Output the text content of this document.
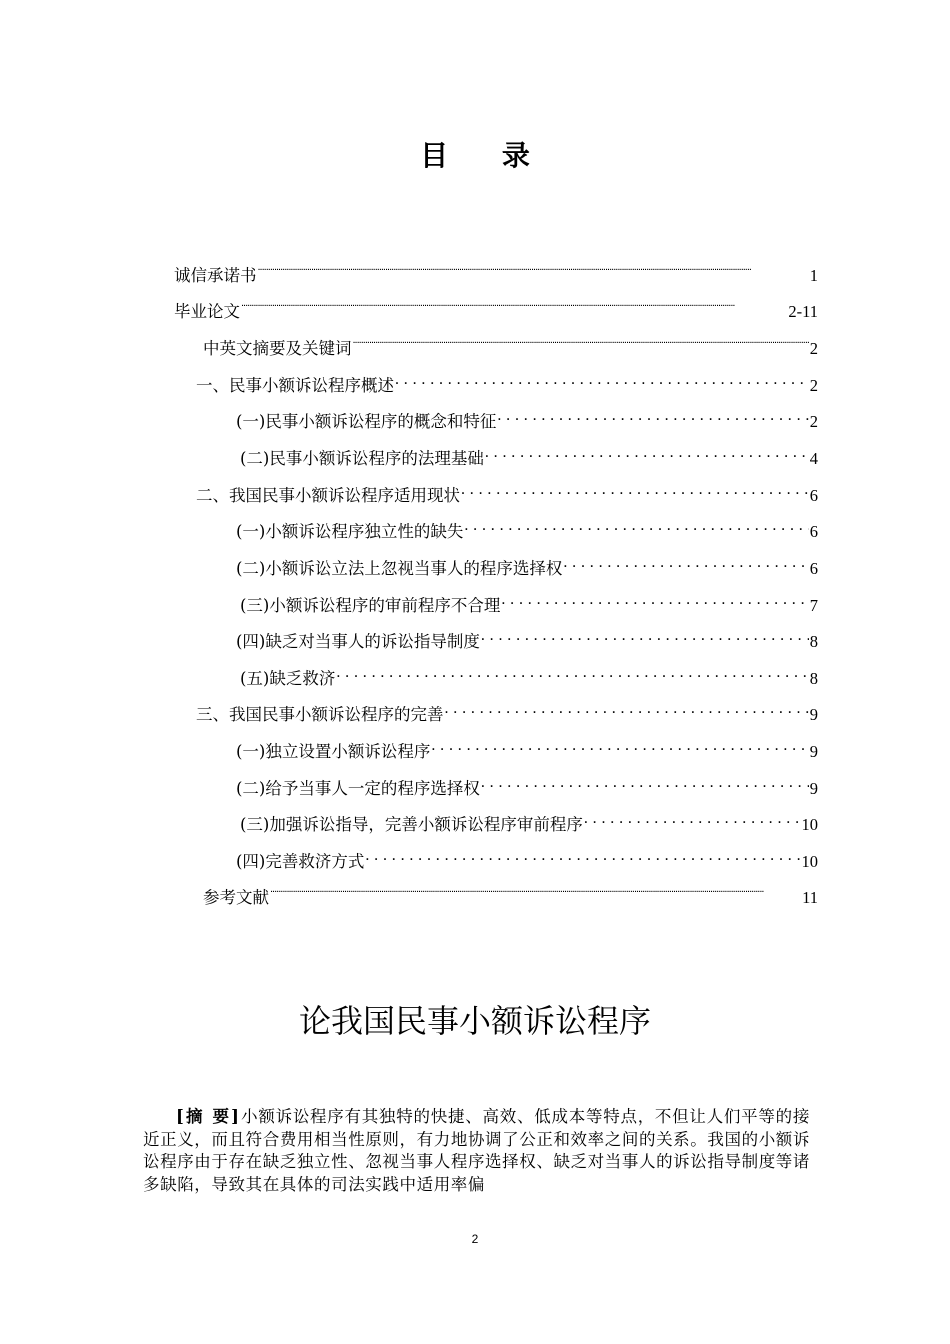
目 录
诚信承诺书 .....	1
毕业论文 .....	2-11
中英文摘要及关键词 .....	2
一、民事小额诉讼程序概述 . . .	2
(一)民事小额诉讼程序的概念和特征 . . .	2
(二)民事小额诉讼程序的法理基础 . . .	4
二、我国民事小额诉讼程序适用现状 . . .	6
(一)小额诉讼程序独立性的缺失 . . .	6
(二)小额诉讼立法上忽视当事人的程序选择权 . . .	6
(三)小额诉讼程序的审前程序不合理 . . .	7
(四)缺乏对当事人的诉讼指导制度 . . .	8
(五)缺乏救济 . . .	8
三、我国民事小额诉讼程序的完善 . . .	9
(一)独立设置小额诉讼程序 . . .	9
(二)给予当事人一定的程序选择权 . . .	9
(三)加强诉讼指导，完善小额诉讼程序审前程序 . . .	10
(四)完善救济方式 . . .	10
参考文献 .....	11
论我国民事小额诉讼程序
[摘 要]小额诉讼程序有其独特的快捷、高效、低成本等特点，不但让人们平等的接近正义，而且符合费用相当性原则，有力地协调了公正和效率之间的关系。我国的小额诉讼程序由于存在缺乏独立性、忽视当事人程序选择权、缺乏对当事人的诉讼指导制度等诸多缺陷，导致其在具体的司法实践中适用率偏
2
